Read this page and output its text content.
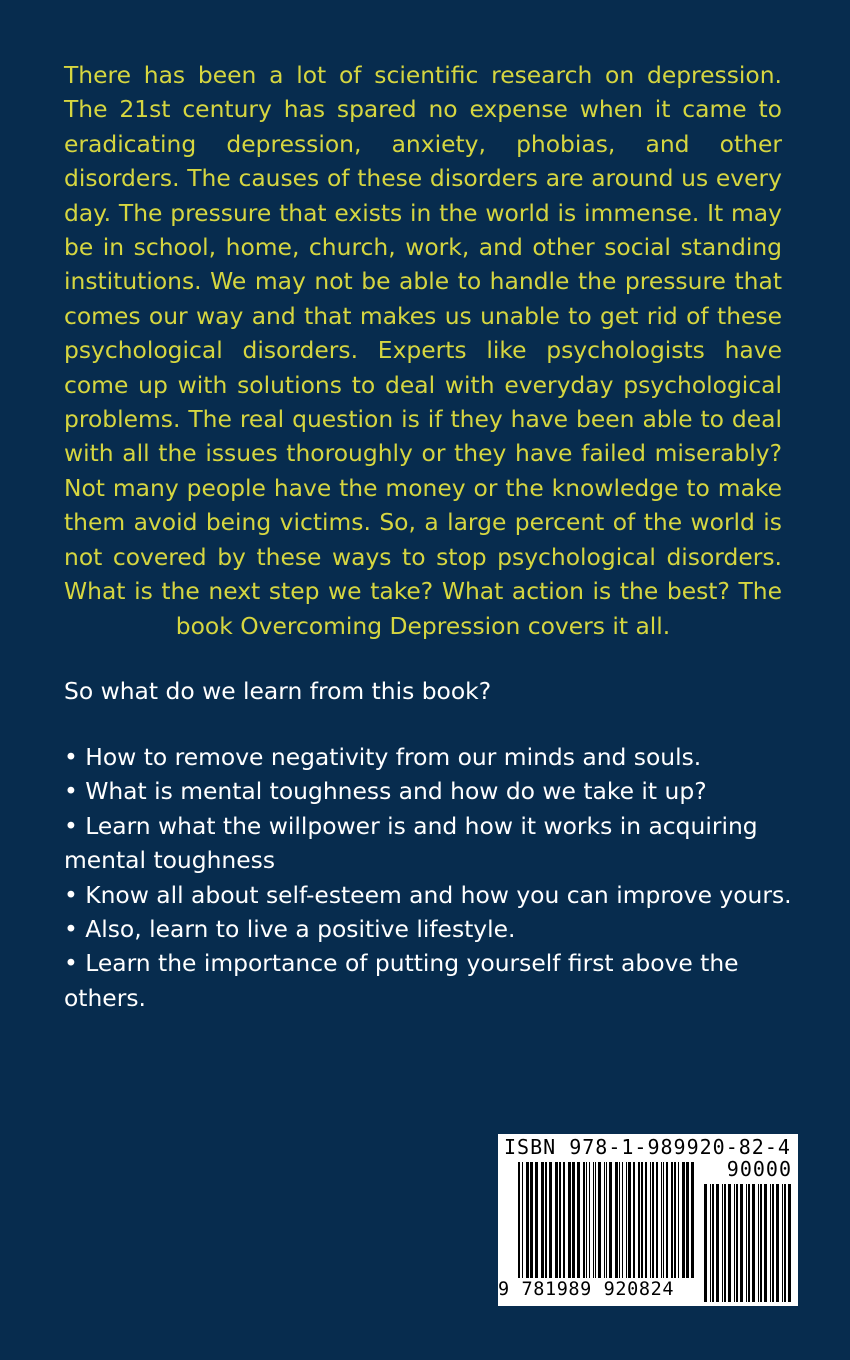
There has been a lot of scientific research on depression. The 21st century has spared no expense when it came to eradicating depression, anxiety, phobias, and other disorders. The causes of these disorders are around us every day. The pressure that exists in the world is immense. It may be in school, home, church, work, and other social standing institutions. We may not be able to handle the pressure that comes our way and that makes us unable to get rid of these psychological disorders. Experts like psychologists have come up with solutions to deal with everyday psychological problems. The real question is if they have been able to deal with all the issues thoroughly or they have failed miserably? Not many people have the money or the knowledge to make them avoid being victims. So, a large percent of the world is not covered by these ways to stop psychological disorders. What is the next step we take? What action is the best? The book Overcoming Depression covers it all.

So what do we learn from this book?

• How to remove negativity from our minds and souls.
• What is mental toughness and how do we take it up?
• Learn what the willpower is and how it works in acquiring mental toughness
• Know all about self-esteem and how you can improve yours.
• Also, learn to live a positive lifestyle.
• Learn the importance of putting yourself first above the others.
ISBN 978-1-989920-82-4
90000
9 781989 920824
